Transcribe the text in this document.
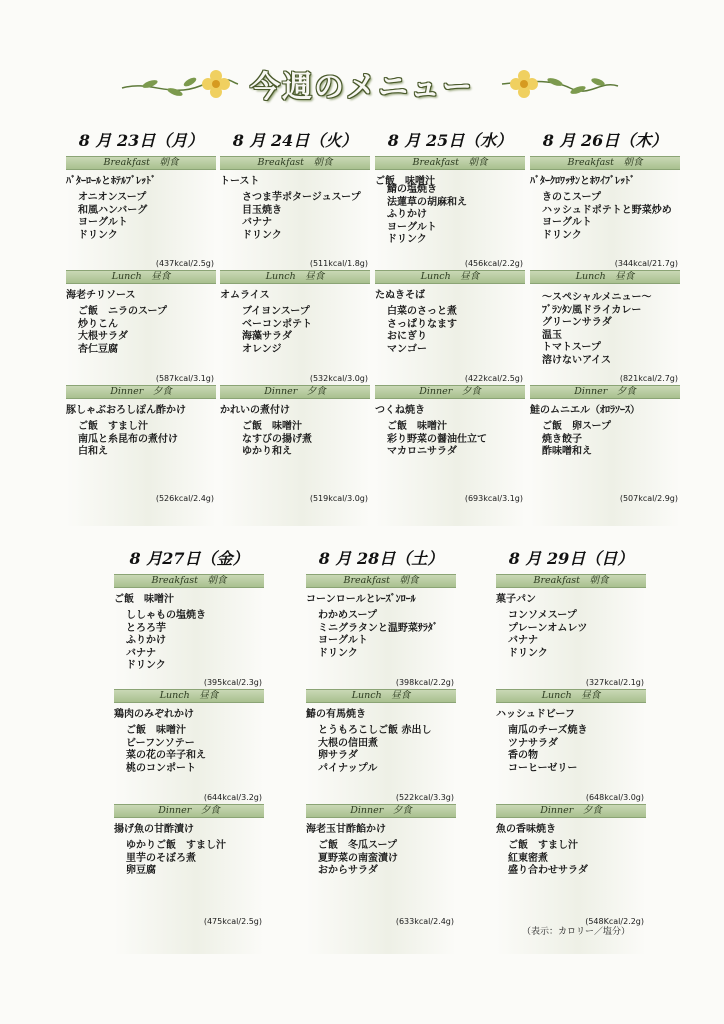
今週のメニュー
8 月 23日（月）
Breakfast　朝食
ﾊﾞﾀｰﾛｰﾙとﾎﾃﾙﾌﾞﾚｯﾄﾞ
オニオンスープ
和風ハンバーグ
ヨーグルト
ドリンク
(437kcal/2.5g)
Lunch　昼食
海老チリソース
ご飯　ニラのスープ
炒りこん
大根サラダ
杏仁豆腐
(587kcal/3.1g)
Dinner　夕食
豚しゃぶおろしぽん酢かけ
ご飯　すまし汁
南瓜と糸昆布の煮付け
白和え
(526kcal/2.4g)
8 月 24日（火）
Breakfast　朝食
トースト
さつま芋ポタージュスープ
目玉焼き
バナナ
ドリンク
(511kcal/1.8g)
Lunch　昼食
オムライス
ブイヨンスープ
ベーコンポテト
海藻サラダ
オレンジ
(532kcal/3.0g)
Dinner　夕食
かれいの煮付け
ご飯　味噌汁
なすびの揚げ煮
ゆかり和え
(519kcal/3.0g)
8 月 25日（水）
Breakfast　朝食
ご飯　味噌汁
鯖の塩焼き
法蓮草の胡麻和え
ふりかけ
ヨーグルト
ドリンク
(456kcal/2.2g)
Lunch　昼食
たぬきそば
白菜のさっと煮
さっぱりなます
おにぎり
マンゴー
(422kcal/2.5g)
Dinner　夕食
つくね焼き
ご飯　味噌汁
彩り野菜の醤油仕立て
マカロニサラダ
(693kcal/3.1g)
8 月 26日（木）
Breakfast　朝食
ﾊﾞﾀｰｸﾛﾜｯｻﾝとﾎﾜｲﾌﾞﾚｯﾄﾞ
きのこスープ
ハッシュドポテトと野菜炒め
ヨーグルト
ドリンク
(344kcal/21.7g)
Lunch　昼食
～スペシャルメニュー～
ﾌﾞﾗﾝﾀﾝ風ドライカレー
グリーンサラダ
温玉
トマトスープ
溶けないアイス
(821kcal/2.7g)
Dinner　夕食
鮭のムニエル（ｵﾛﾗｿｰｽ）
ご飯　卵スープ
焼き餃子
酢味噌和え
(507kcal/2.9g)
8 月27日（金）
Breakfast　朝食
ご飯　味噌汁
ししゃもの塩焼き
とろろ芋
ふりかけ
バナナ
ドリンク
(395kcal/2.3g)
Lunch　昼食
鶏肉のみぞれかけ
ご飯　味噌汁
ビーフンソテー
菜の花の辛子和え
桃のコンポート
(644kcal/3.2g)
Dinner　夕食
揚げ魚の甘酢漬け
ゆかりご飯　すまし汁
里芋のそぼろ煮
卵豆腐
(475kcal/2.5g)
8 月 28日（土）
Breakfast　朝食
コーンロールとﾚｰｽﾞﾝﾛｰﾙ
わかめスープ
ミニグラタンと温野菜ｻﾗﾀﾞ
ヨーグルト
ドリンク
(398kcal/2.2g)
Lunch　昼食
鰆の有馬焼き
とうもろこしご飯 赤出し
大根の信田煮
卵サラダ
パイナップル
(522kcal/3.3g)
Dinner　夕食
海老玉甘酢餡かけ
ご飯　冬瓜スープ
夏野菜の南蛮漬け
おからサラダ
(633kcal/2.4g)
8 月 29日（日）
Breakfast　朝食
菓子パン
コンソメスープ
プレーンオムレツ
バナナ
ドリンク
(327kcal/2.1g)
Lunch　昼食
ハッシュドビーフ
南瓜のチーズ焼き
ツナサラダ
香の物
コーヒーゼリー
(648kcal/3.0g)
Dinner　夕食
魚の香味焼き
ご飯　すまし汁
紅東密煮
盛り合わせサラダ
(548Kcal/2.2g)
（表示：カロリー／塩分）
